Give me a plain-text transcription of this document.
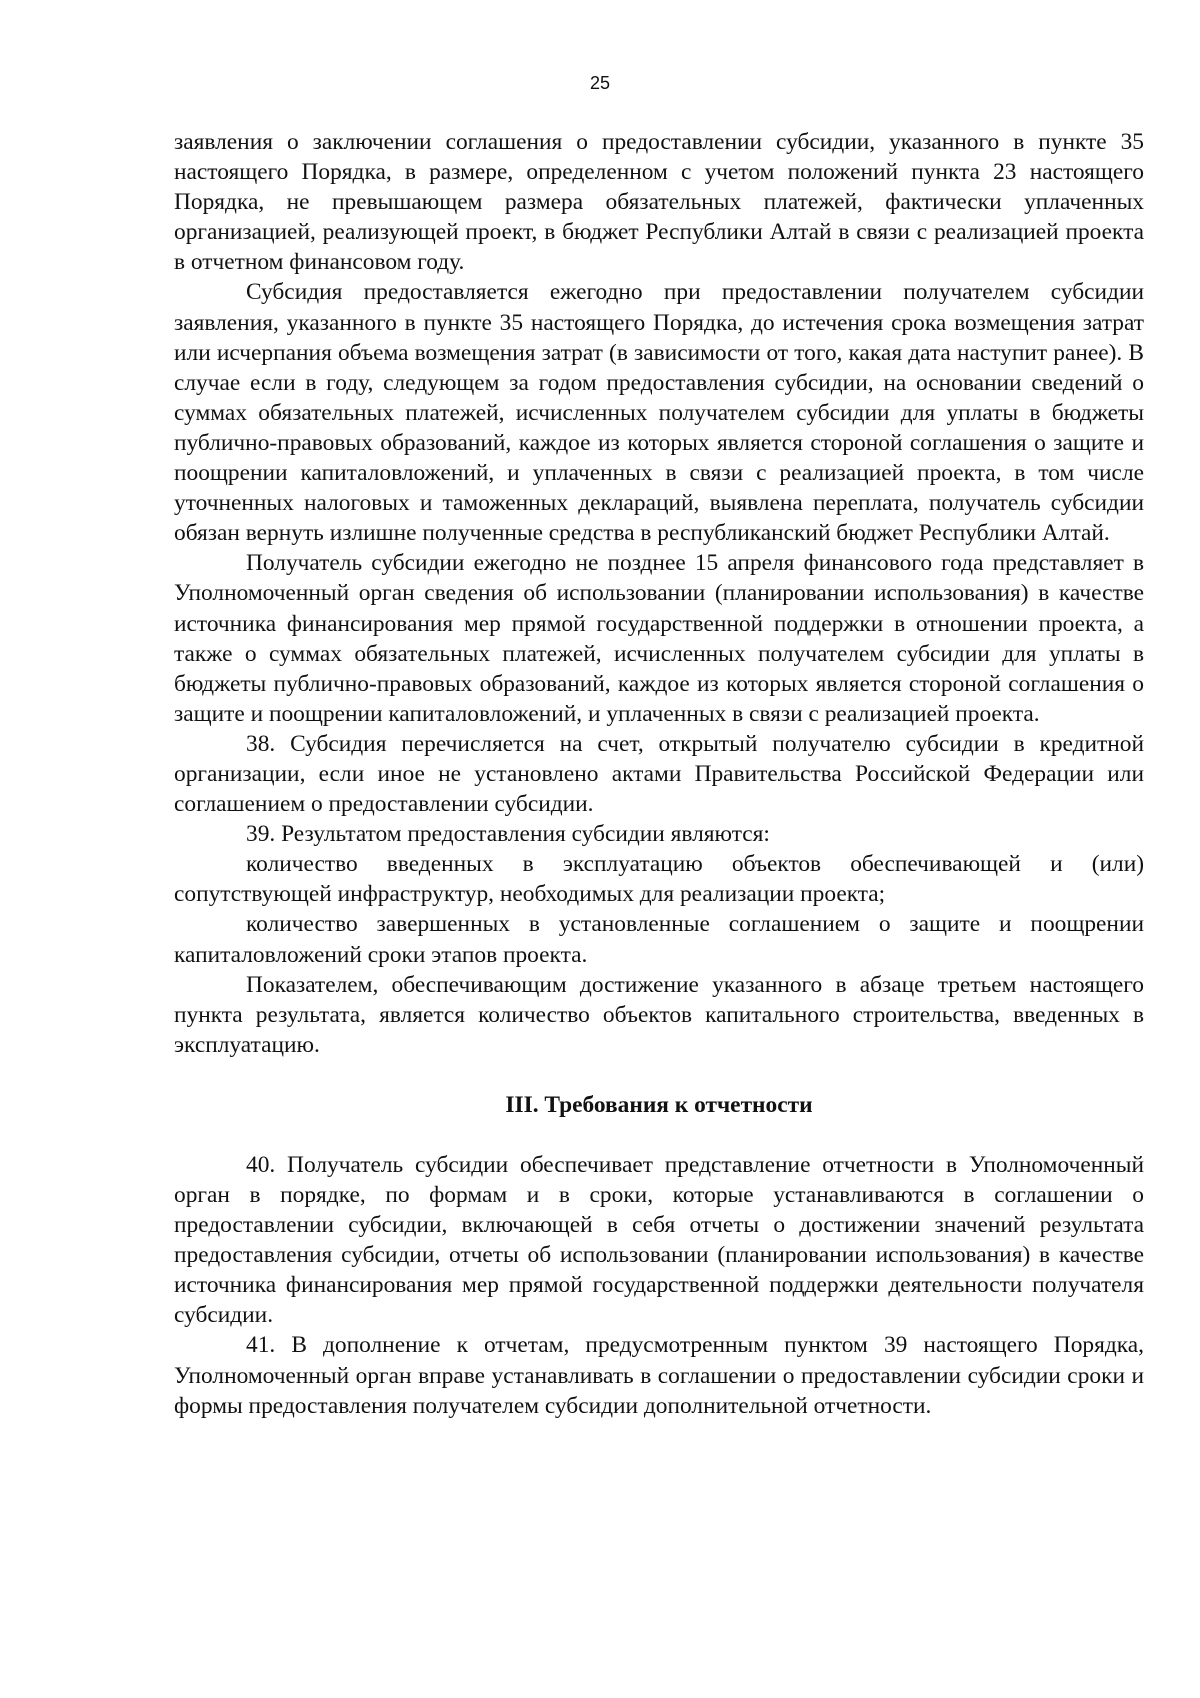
25

заявления о заключении соглашения о предоставлении субсидии, указанного в пункте 35 настоящего Порядка, в размере, определенном с учетом положений пункта 23 настоящего Порядка, не превышающем размера обязательных платежей, фактически уплаченных организацией, реализующей проект, в бюджет Республики Алтай в связи с реализацией проекта в отчетном финансовом году.

Субсидия предоставляется ежегодно при предоставлении получателем субсидии заявления, указанного в пункте 35 настоящего Порядка, до истечения срока возмещения затрат или исчерпания объема возмещения затрат (в зависимости от того, какая дата наступит ранее). В случае если в году, следующем за годом предоставления субсидии, на основании сведений о суммах обязательных платежей, исчисленных получателем субсидии для уплаты в бюджеты публично-правовых образований, каждое из которых является стороной соглашения о защите и поощрении капиталовложений, и уплаченных в связи с реализацией проекта, в том числе уточненных налоговых и таможенных деклараций, выявлена переплата, получатель субсидии обязан вернуть излишне полученные средства в республиканский бюджет Республики Алтай.

Получатель субсидии ежегодно не позднее 15 апреля финансового года представляет в Уполномоченный орган сведения об использовании (планировании использования) в качестве источника финансирования мер прямой государственной поддержки в отношении проекта, а также о суммах обязательных платежей, исчисленных получателем субсидии для уплаты в бюджеты публично-правовых образований, каждое из которых является стороной соглашения о защите и поощрении капиталовложений, и уплаченных в связи с реализацией проекта.

38. Субсидия перечисляется на счет, открытый получателю субсидии в кредитной организации, если иное не установлено актами Правительства Российской Федерации или соглашением о предоставлении субсидии.

39. Результатом предоставления субсидии являются:

количество введенных в эксплуатацию объектов обеспечивающей и (или) сопутствующей инфраструктур, необходимых для реализации проекта;

количество завершенных в установленные соглашением о защите и поощрении капиталовложений сроки этапов проекта.

Показателем, обеспечивающим достижение указанного в абзаце третьем настоящего пункта результата, является количество объектов капитального строительства, введенных в эксплуатацию.

III. Требования к отчетности

40. Получатель субсидии обеспечивает представление отчетности в Уполномоченный орган в порядке, по формам и в сроки, которые устанавливаются в соглашении о предоставлении субсидии, включающей в себя отчеты о достижении значений результата предоставления субсидии, отчеты об использовании (планировании использования) в качестве источника финансирования мер прямой государственной поддержки деятельности получателя субсидии.

41. В дополнение к отчетам, предусмотренным пунктом 39 настоящего Порядка, Уполномоченный орган вправе устанавливать в соглашении о предоставлении субсидии сроки и формы предоставления получателем субсидии дополнительной отчетности.
